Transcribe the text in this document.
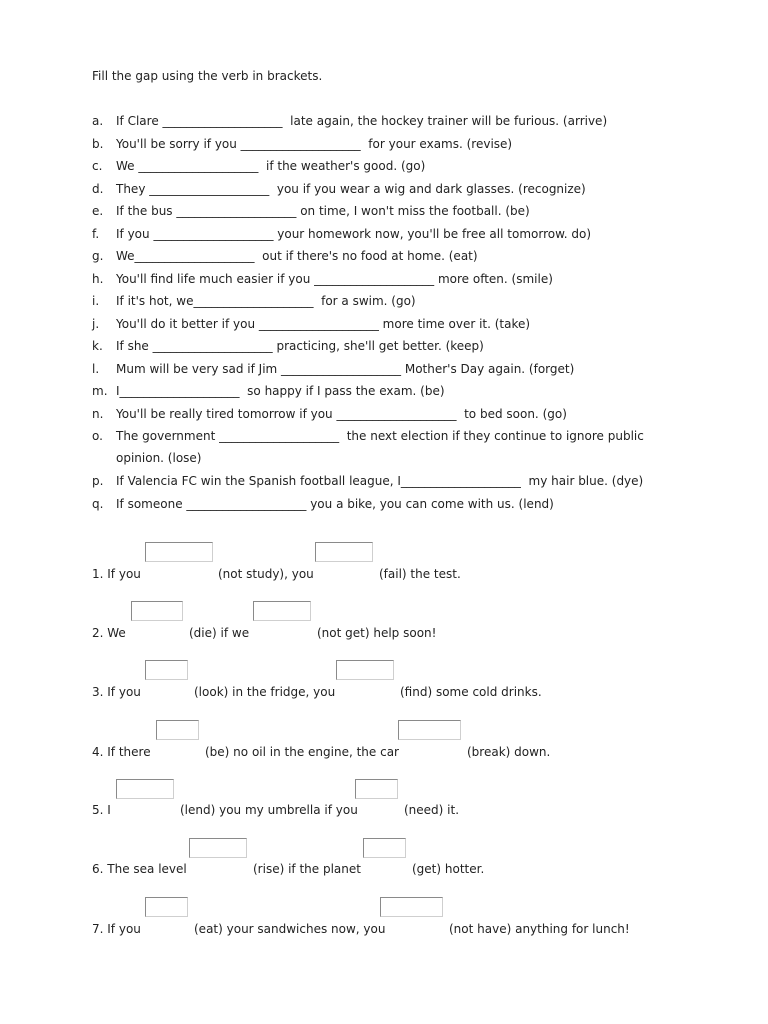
Fill the gap using the verb in brackets.
a. If Clare ____________________  late again, the hockey trainer will be furious. (arrive)
b. You'll be sorry if you ____________________  for your exams. (revise)
c. We ____________________  if the weather's good. (go)
d. They ____________________  you if you wear a wig and dark glasses. (recognize)
e. If the bus ____________________ on time, I won't miss the football. (be)
f. If you ____________________ your homework now, you'll be free all tomorrow. do)
g. We____________________  out if there's no food at home. (eat)
h. You'll find life much easier if you ____________________ more often. (smile)
i. If it's hot, we____________________  for a swim. (go)
j. You'll do it better if you ____________________ more time over it. (take)
k. If she ____________________ practicing, she'll get better. (keep)
l. Mum will be very sad if Jim ____________________ Mother's Day again. (forget)
m. I____________________  so happy if I pass the exam. (be)
n. You'll be really tired tomorrow if you ____________________  to bed soon. (go)
o. The government ____________________  the next election if they continue to ignore public
opinion. (lose)
p. If Valencia FC win the Spanish football league, I____________________  my hair blue. (dye)
q. If someone ____________________ you a bike, you can come with us. (lend)
1. If you	(not study), you	(fail) the test.
2. We	(die) if we	(not get) help soon!
3. If you	(look) in the fridge, you	(find) some cold drinks.
4. If there	(be) no oil in the engine, the car	(break) down.
5. I	(lend) you my umbrella if you	(need) it.
6. The sea level	(rise) if the planet	(get) hotter.
7. If you	(eat) your sandwiches now, you	(not have) anything for lunch!
